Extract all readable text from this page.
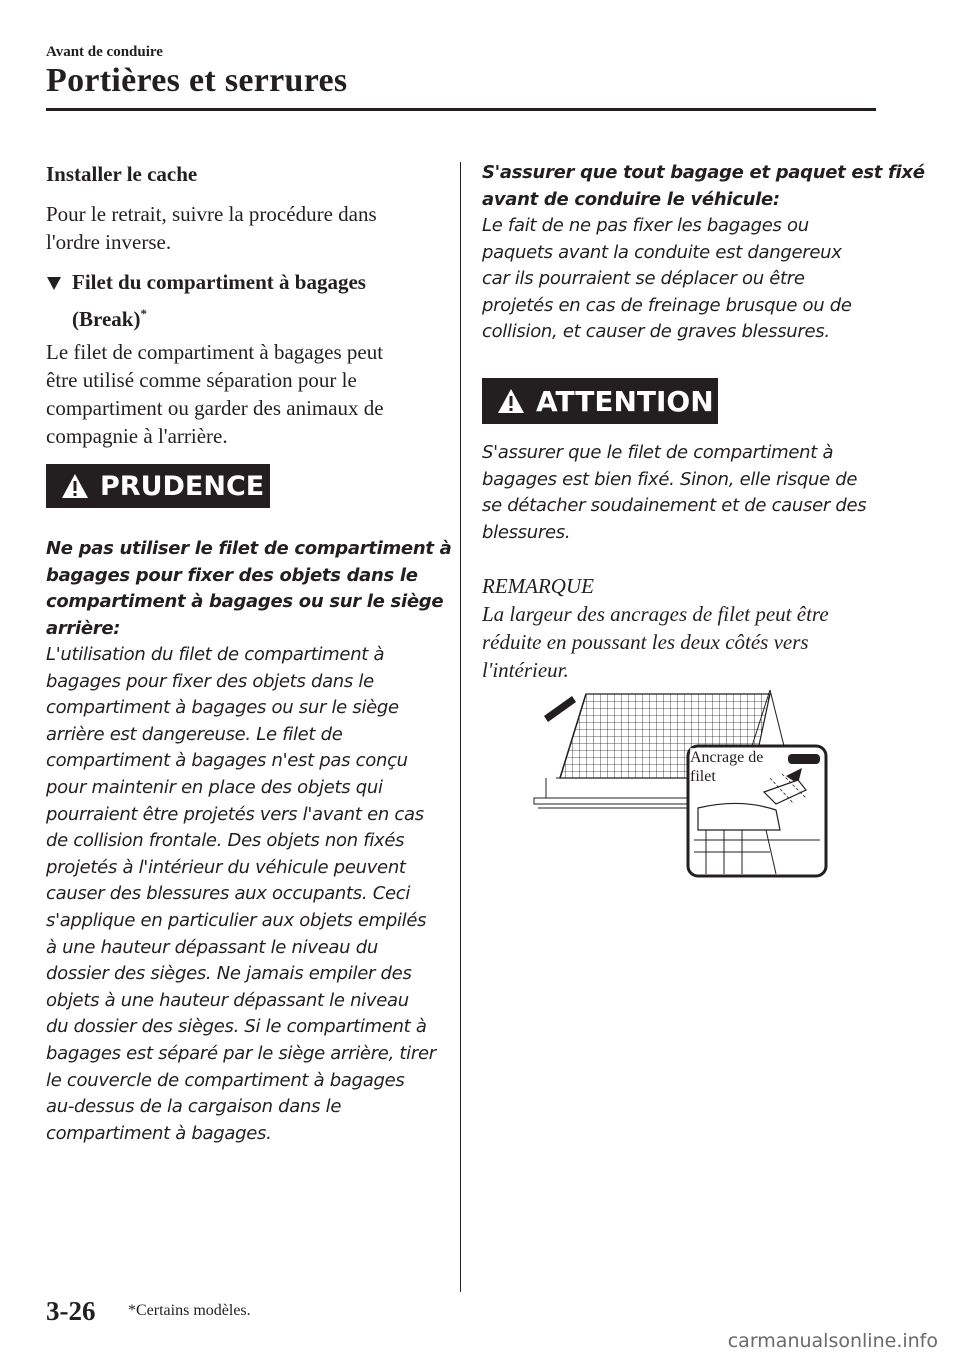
Avant de conduire
Portières et serrures
Installer le cache
Pour le retrait, suivre la procédure dans
l'ordre inverse.
Filet du compartiment à bagages
(Break)*
Le filet de compartiment à bagages peut
être utilisé comme séparation pour le
compartiment ou garder des animaux de
compagnie à l'arrière.
PRUDENCE
Ne pas utiliser le filet de compartiment à
bagages pour fixer des objets dans le
compartiment à bagages ou sur le siège
arrière:
L'utilisation du filet de compartiment à
bagages pour fixer des objets dans le
compartiment à bagages ou sur le siège
arrière est dangereuse. Le filet de
compartiment à bagages n'est pas conçu
pour maintenir en place des objets qui
pourraient être projetés vers l'avant en cas
de collision frontale. Des objets non fixés
projetés à l'intérieur du véhicule peuvent
causer des blessures aux occupants. Ceci
s'applique en particulier aux objets empilés
à une hauteur dépassant le niveau du
dossier des sièges. Ne jamais empiler des
objets à une hauteur dépassant le niveau
du dossier des sièges. Si le compartiment à
bagages est séparé par le siège arrière, tirer
le couvercle de compartiment à bagages
au-dessus de la cargaison dans le
compartiment à bagages.
S'assurer que tout bagage et paquet est fixé
avant de conduire le véhicule:
Le fait de ne pas fixer les bagages ou
paquets avant la conduite est dangereux
car ils pourraient se déplacer ou être
projetés en cas de freinage brusque ou de
collision, et causer de graves blessures.
ATTENTION
S'assurer que le filet de compartiment à
bagages est bien fixé. Sinon, elle risque de
se détacher soudainement et de causer des
blessures.
REMARQUE
La largeur des ancrages de filet peut être
réduite en poussant les deux côtés vers
l'intérieur.
Ancrage de
filet
3-26 *Certains modèles.
carmanualsonline.info
